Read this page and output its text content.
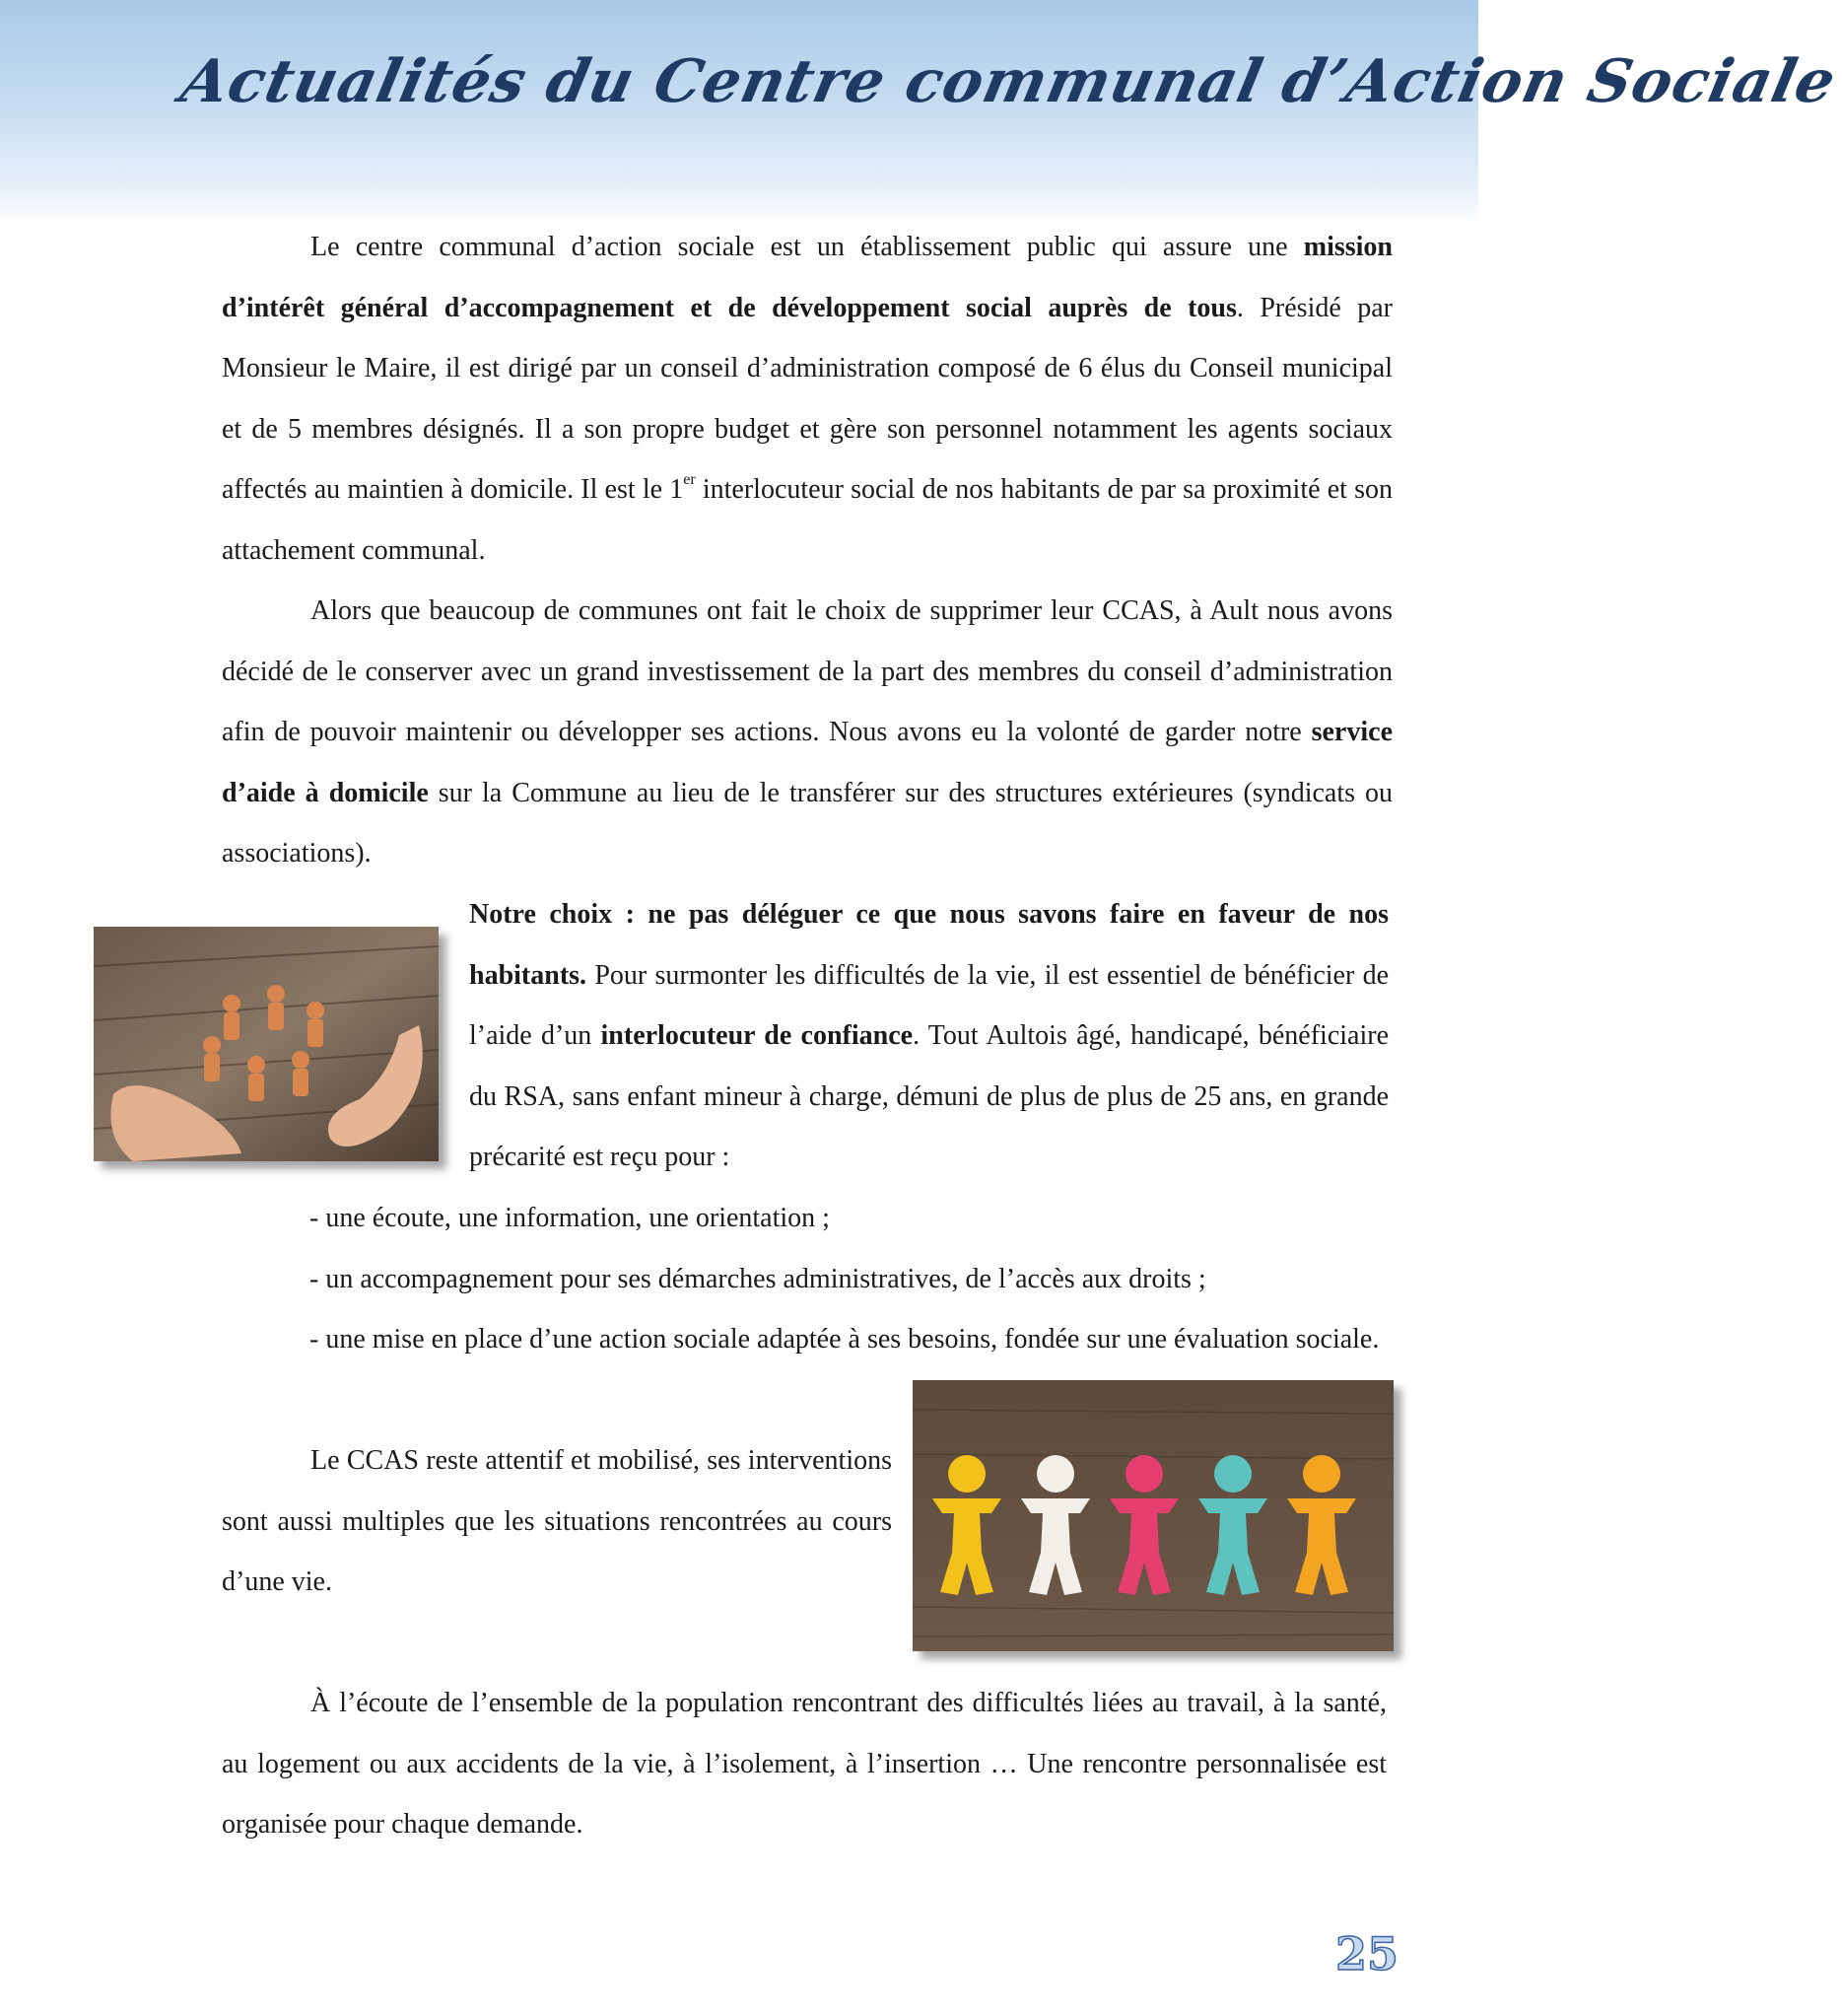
Actualités du Centre communal d’Action Sociale

Le centre communal d’action sociale est un établissement public qui assure une mission d’intérêt général d’accompagnement et de développement social auprès de tous. Présidé par Monsieur le Maire, il est dirigé par un conseil d’administration composé de 6 élus du Conseil municipal et de 5 membres désignés. Il a son propre budget et gère son personnel notamment les agents sociaux affectés au maintien à domicile. Il est le 1er interlocuteur social de nos habitants de par sa proximité et son attachement communal.

Alors que beaucoup de communes ont fait le choix de supprimer leur CCAS, à Ault nous avons décidé de le conserver avec un grand investissement de la part des membres du conseil d’administration afin de pouvoir maintenir ou développer ses actions. Nous avons eu la volonté de garder notre service d’aide à domicile sur la Commune au lieu de le transférer sur des structures extérieures (syndicats ou associations).

Notre choix : ne pas déléguer ce que nous savons faire en faveur de nos habitants. Pour surmonter les difficultés de la vie, il est essentiel de bénéficier de l’aide d’un interlocuteur de confiance. Tout Aultois âgé, handicapé, bénéficiaire du RSA, sans enfant mineur à charge, démuni de plus de plus de 25 ans, en grande précarité est reçu pour :

- une écoute, une information, une orientation ;

- un accompagnement pour ses démarches administratives, de l’accès aux droits ;

- une mise en place d’une action sociale adaptée à ses besoins, fondée sur une évaluation sociale.

Le CCAS reste attentif et mobilisé, ses interventions sont aussi multiples que les situations rencontrées au cours d’une vie.

À l’écoute de l’ensemble de la population rencontrant des difficultés liées au travail, à la santé, au logement ou aux accidents de la vie, à l’isolement, à l’insertion … Une rencontre personnalisée est organisée pour chaque demande.

25
